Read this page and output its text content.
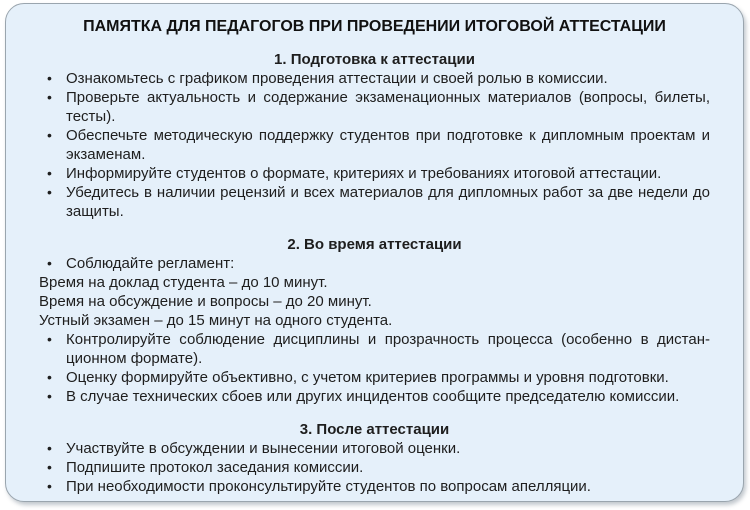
ПАМЯТКА ДЛЯ ПЕДАГОГОВ ПРИ ПРОВЕДЕНИИ ИТОГОВОЙ АТТЕСТАЦИИ
1. Подготовка к аттестации
• Ознакомьтесь с графиком проведения аттестации и своей ролью в комиссии.
• Проверьте актуальность и содержание экзаменационных материалов (вопросы, билеты, тесты).
• Обеспечьте методическую поддержку студентов при подготовке к дипломным проектам и экзаменам.
• Информируйте студентов о формате, критериях и требованиях итоговой аттестации.
• Убедитесь в наличии рецензий и всех материалов для дипломных работ за две недели до защиты.
2. Во время аттестации
• Соблюдайте регламент:
Время на доклад студента – до 10 минут.
Время на обсуждение и вопросы – до 20 минут.
Устный экзамен – до 15 минут на одного студента.
• Контролируйте соблюдение дисциплины и прозрачность процесса (особенно в дистанционном формате).
• Оценку формируйте объективно, с учетом критериев программы и уровня подготовки.
• В случае технических сбоев или других инцидентов сообщите председателю комиссии.
3. После аттестации
• Участвуйте в обсуждении и вынесении итоговой оценки.
• Подпишите протокол заседания комиссии.
• При необходимости проконсультируйте студентов по вопросам апелляции.
